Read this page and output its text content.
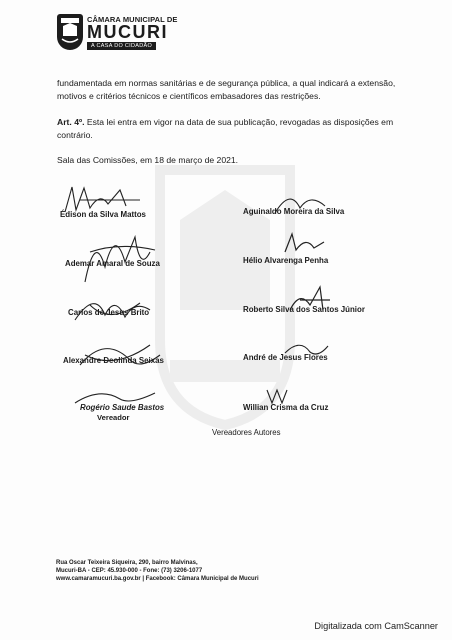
CÂMARA MUNICIPAL DE
MUCURI
A CASA DO CIDADÃO
fundamentada em normas sanitárias e de segurança pública, a qual indicará a extensão,
motivos e critérios técnicos e científicos embasadores das restrições.
Art. 4º. Esta lei entra em vigor na data de sua publicação, revogadas as disposições em
contrário.
Sala das Comissões, em 18 de março de 2021.
Édison da Silva Mattos
Ademar Amaral de Souza
Carlos de Jesus Brito
Alexandre Deolinda Seixas
Rogério Saude Bastos
Vereador
Aguinaldo Moreira da Silva
Hélio Alvarenga Penha
Roberto Silva dos Santos Júnior
André de Jesus Flores
Willian Crisma da Cruz
Vereadores Autores
Rua Oscar Teixeira Siqueira, 290, bairro Malvinas,
Mucuri-BA - CEP: 45.930-000 - Fone: (73) 3206-1077
www.camaramucuri.ba.gov.br | Facebook: Câmara Municipal de Mucuri
Digitalizada com CamScanner
